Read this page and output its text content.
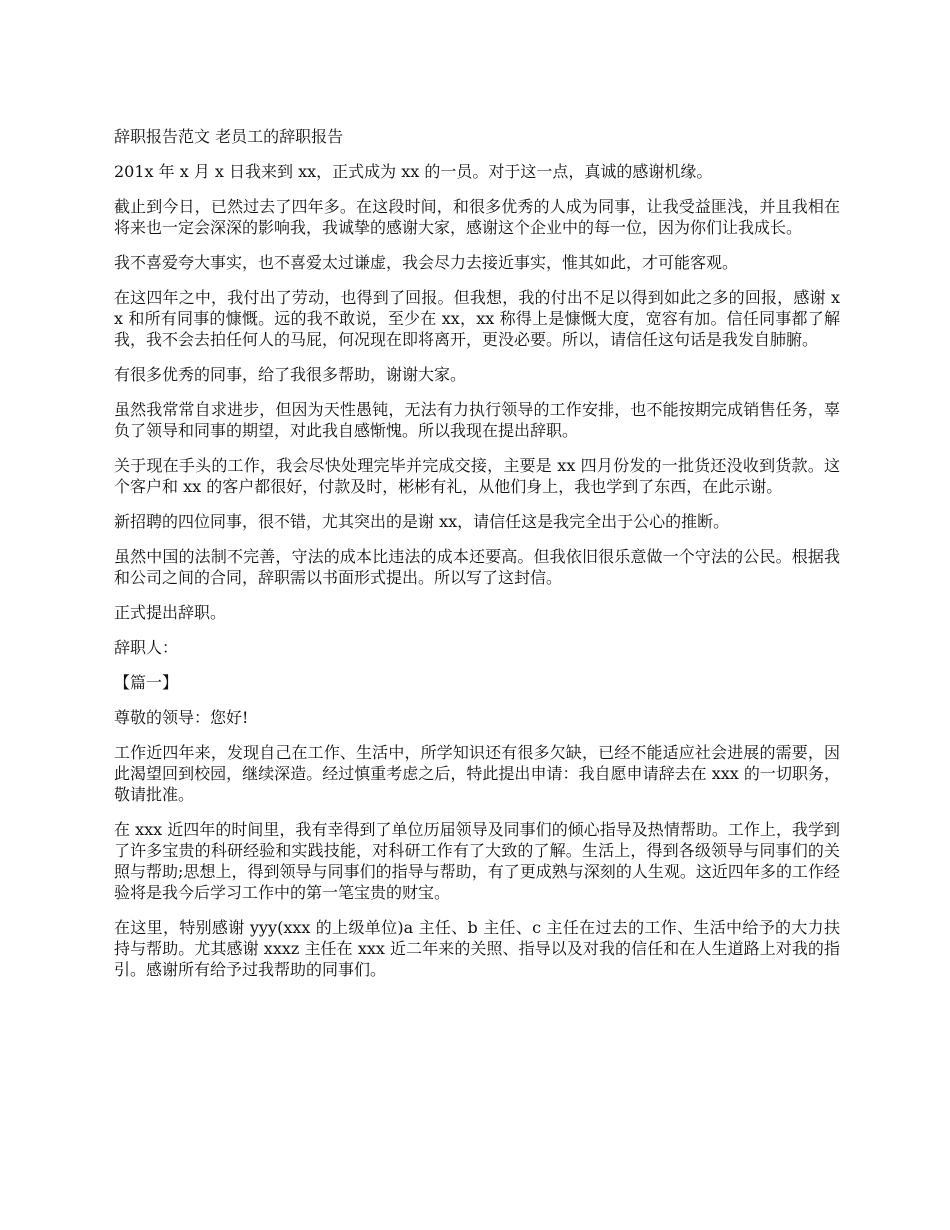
辞职报告范文 老员工的辞职报告

201x 年 x 月 x 日我来到 xx，正式成为 xx 的一员。对于这一点，真诚的感谢机缘。

截止到今日，已然过去了四年多。在这段时间，和很多优秀的人成为同事，让我受益匪浅，并且我相在将来也一定会深深的影响我，我诚挚的感谢大家，感谢这个企业中的每一位，因为你们让我成长。

我不喜爱夸大事实，也不喜爱太过谦虚，我会尽力去接近事实，惟其如此，才可能客观。

在这四年之中，我付出了劳动，也得到了回报。但我想，我的付出不足以得到如此之多的回报，感谢 xx 和所有同事的慷慨。远的我不敢说，至少在 xx，xx 称得上是慷慨大度，宽容有加。信任同事都了解我，我不会去拍任何人的马屁，何况现在即将离开，更没必要。所以，请信任这句话是我发自肺腑。

有很多优秀的同事，给了我很多帮助，谢谢大家。

虽然我常常自求进步，但因为天性愚钝，无法有力执行领导的工作安排，也不能按期完成销售任务，辜负了领导和同事的期望，对此我自感惭愧。所以我现在提出辞职。

关于现在手头的工作，我会尽快处理完毕并完成交接，主要是 xx 四月份发的一批货还没收到货款。这个客户和 xx 的客户都很好，付款及时，彬彬有礼，从他们身上，我也学到了东西，在此示谢。

新招聘的四位同事，很不错，尤其突出的是谢 xx，请信任这是我完全出于公心的推断。

虽然中国的法制不完善，守法的成本比违法的成本还要高。但我依旧很乐意做一个守法的公民。根据我和公司之间的合同，辞职需以书面形式提出。所以写了这封信。

正式提出辞职。

辞职人：

【篇一】

尊敬的领导：您好!

工作近四年来，发现自己在工作、生活中，所学知识还有很多欠缺，已经不能适应社会进展的需要，因此渴望回到校园，继续深造。经过慎重考虑之后，特此提出申请：我自愿申请辞去在 xxx 的一切职务，敬请批准。

在 xxx 近四年的时间里，我有幸得到了单位历届领导及同事们的倾心指导及热情帮助。工作上，我学到了许多宝贵的科研经验和实践技能，对科研工作有了大致的了解。生活上，得到各级领导与同事们的关照与帮助;思想上，得到领导与同事们的指导与帮助，有了更成熟与深刻的人生观。这近四年多的工作经验将是我今后学习工作中的第一笔宝贵的财宝。

在这里，特别感谢 yyy(xxx 的上级单位)a 主任、b 主任、c 主任在过去的工作、生活中给予的大力扶持与帮助。尤其感谢 xxxz 主任在 xxx 近二年来的关照、指导以及对我的信任和在人生道路上对我的指引。感谢所有给予过我帮助的同事们。
